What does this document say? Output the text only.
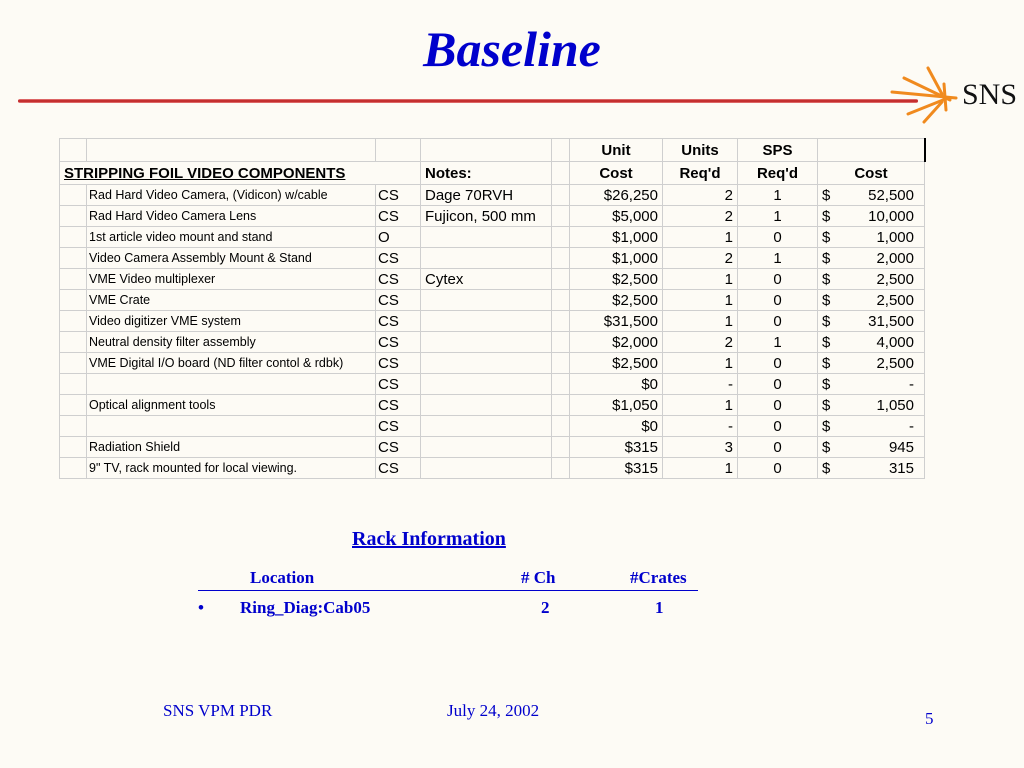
Baseline
SNS
					Unit	Units	SPS	
STRIPPING FOIL VIDEO COMPONENTS			Notes:		Cost	Req'd	Req'd	Cost
	Rad Hard Video Camera, (Vidicon) w/cable	CS	Dage 70RVH		$26,250	2	1	$ 52,500

	Rad Hard Video Camera Lens	CS	Fujicon, 500 mm		$5,000	2	1	$ 10,000

	1st article video mount and stand	O			$1,000	1	0	$ 1,000

	Video Camera Assembly Mount & Stand	CS			$1,000	2	1	$ 2,000

	VME Video multiplexer	CS	Cytex		$2,500	1	0	$ 2,500

	VME Crate	CS			$2,500	1	0	$ 2,500

	Video digitizer VME system	CS			$31,500	1	0	$ 31,500

	Neutral density filter assembly	CS			$2,000	2	1	$ 4,000

	VME Digital I/O board (ND filter contol & rdbk)	CS			$2,500	1	0	$ 2,500

		CS			$0	-	0	$ -

	Optical alignment tools	CS			$1,050	1	0	$ 1,050

		CS			$0	-	0	$ -

	Radiation Shield	CS			$315	3	0	$ 945

	9" TV, rack mounted for local viewing.	CS			$315	1	0	$ 315
Rack Information
Location	# Ch	#Crates
• Ring_Diag:Cab05	2	1
SNS VPM PDR	July 24, 2002	5
